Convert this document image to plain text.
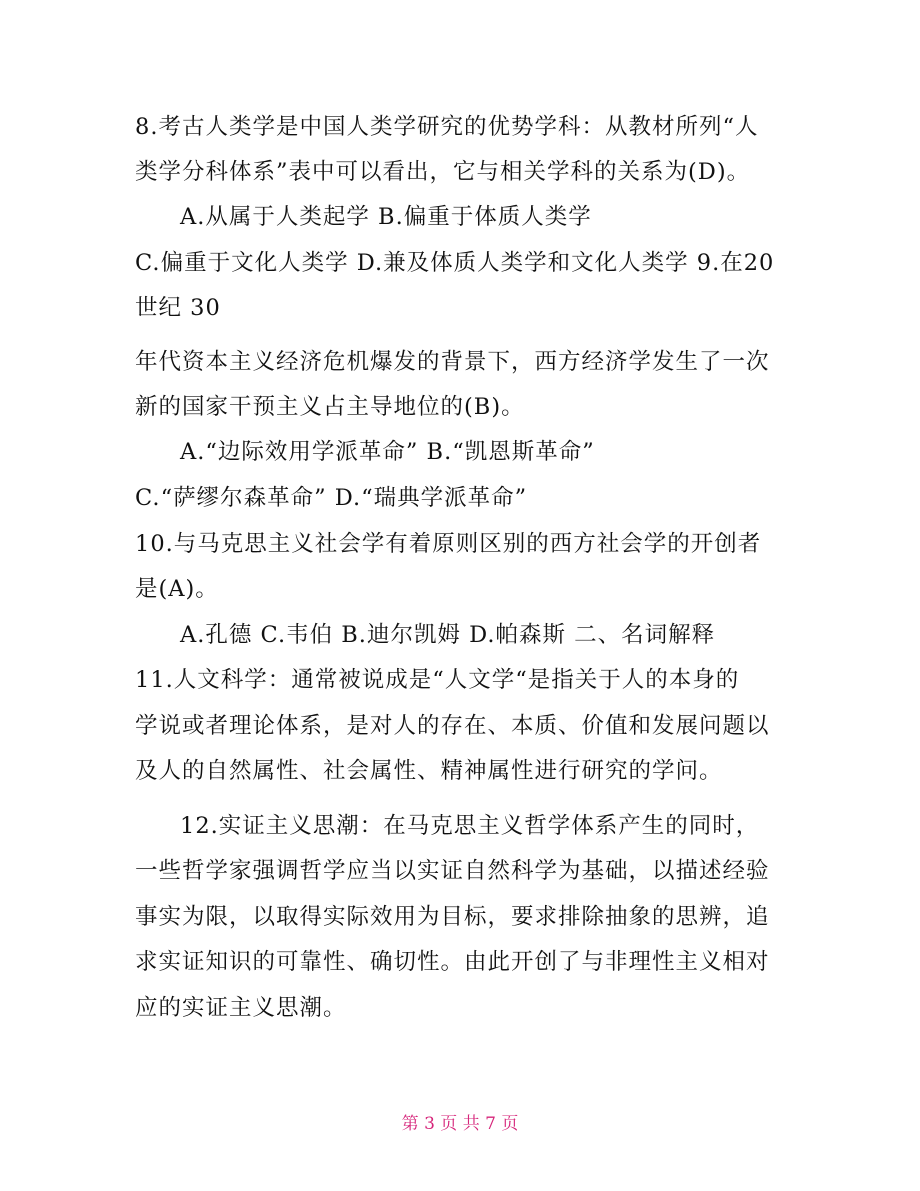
8.考古人类学是中国人类学研究的优势学科：从教材所列“人
类学分科体系”表中可以看出，它与相关学科的关系为(D)。
A.从属于人类起学 B.偏重于体质人类学
C.偏重于文化人类学 D.兼及体质人类学和文化人类学 9.在20
世纪 30
年代资本主义经济危机爆发的背景下，西方经济学发生了一次
新的国家干预主义占主导地位的(B)。
A.“边际效用学派革命” B.“凯恩斯革命”
C.“萨缪尔森革命” D.“瑞典学派革命”
10.与马克思主义社会学有着原则区别的西方社会学的开创者
是(A)。
A.孔德 C.韦伯 B.迪尔凯姆 D.帕森斯 二、名词解释
11.人文科学：通常被说成是“人文学“是指关于人的本身的
学说或者理论体系，是对人的存在、本质、价值和发展问题以
及人的自然属性、社会属性、精神属性进行研究的学问。
12.实证主义思潮：在马克思主义哲学体系产生的同时，
一些哲学家强调哲学应当以实证自然科学为基础，以描述经验
事实为限，以取得实际效用为目标，要求排除抽象的思辨，追
求实证知识的可靠性、确切性。由此开创了与非理性主义相对
应的实证主义思潮。
第 3 页 共 7 页
